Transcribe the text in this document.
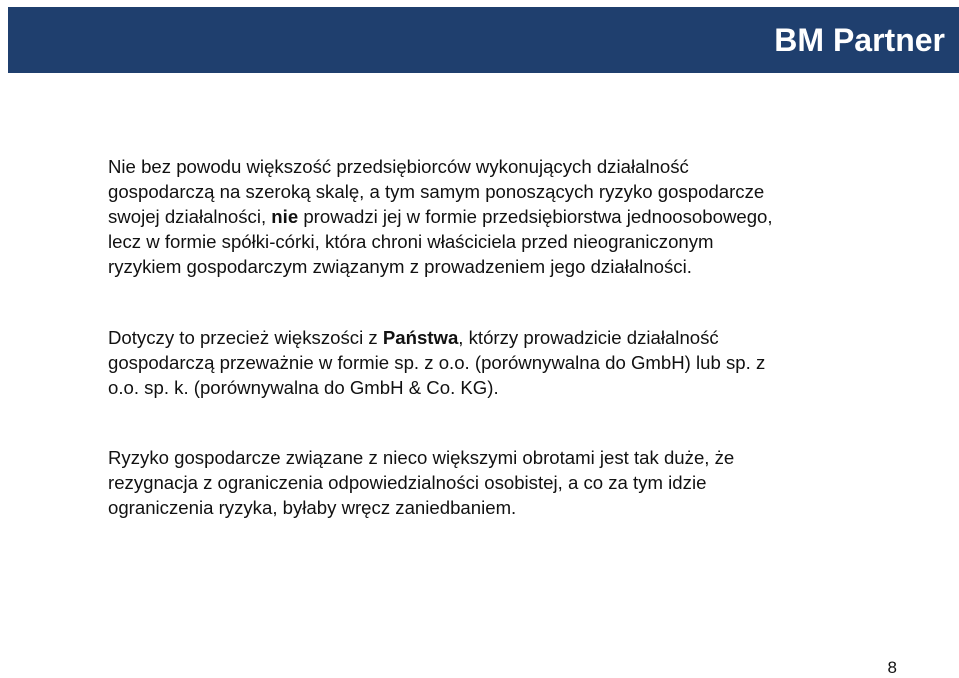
BM Partner

Nie bez powodu większość przedsiębiorców wykonujących działalność
gospodarczą na szeroką skalę, a tym samym ponoszących ryzyko gospodarcze
swojej działalności, nie prowadzi jej w formie przedsiębiorstwa jednoosobowego,
lecz w formie spółki-córki, która chroni właściciela przed nieograniczonym
ryzykiem gospodarczym związanym z prowadzeniem jego działalności.

Dotyczy to przecież większości z Państwa, którzy prowadzicie działalność
gospodarczą przeważnie w formie sp. z o.o. (porównywalna do GmbH) lub sp. z
o.o. sp. k. (porównywalna do GmbH & Co. KG).

Ryzyko gospodarcze związane z nieco większymi obrotami jest tak duże, że
rezygnacja z ograniczenia odpowiedzialności osobistej, a co za tym idzie
ograniczenia ryzyka, byłaby wręcz zaniedbaniem.

8
